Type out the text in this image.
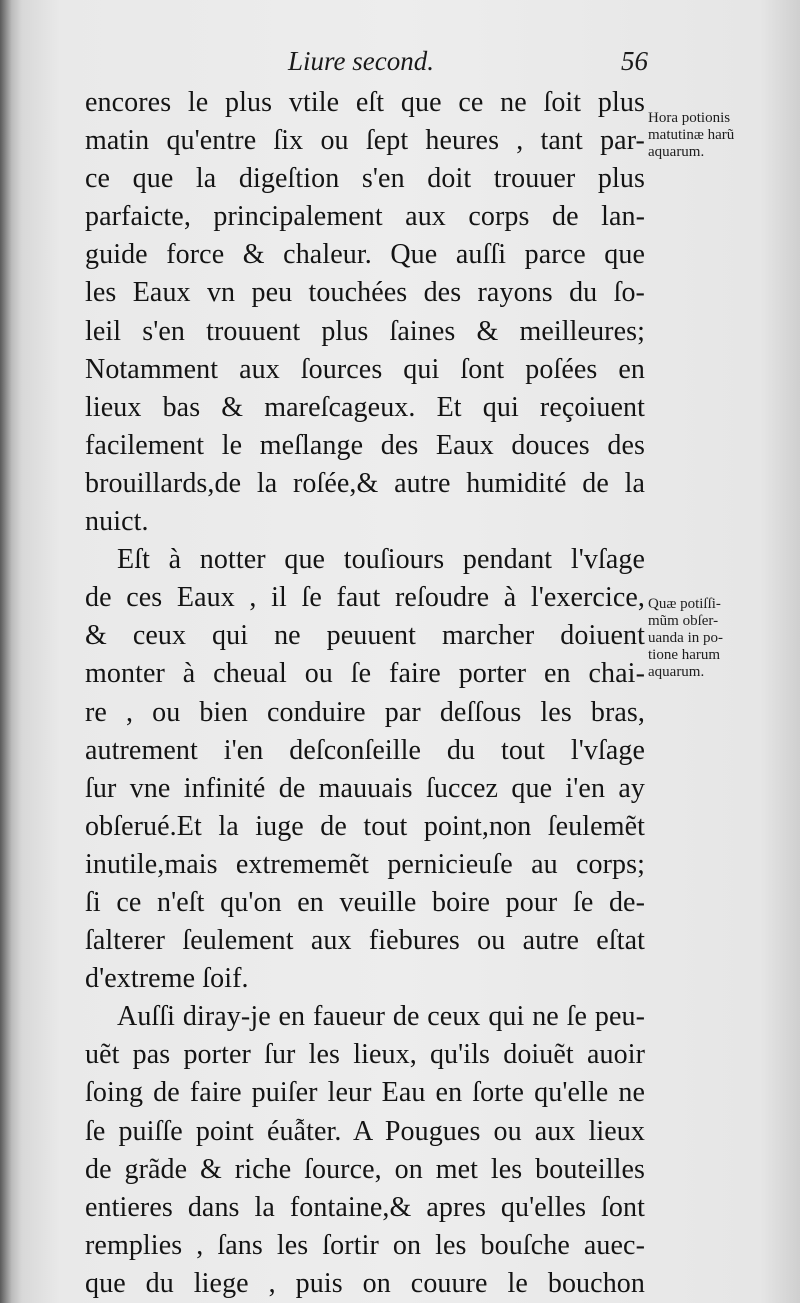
Liure second.	56
encores le plus vtile eſt que ce ne ſoit plus
matin qu'entre ſix ou ſept heures , tant par-
ce que la digeſtion s'en doit trouuer plus
parfaicte, principalement aux corps de lan-
guide force & chaleur. Que auſſi parce que
les Eaux vn peu touchées des rayons du ſo-
leil s'en trouuent plus ſaines & meilleures;
Notamment aux ſources qui ſont poſées en
lieux bas & mareſcageux. Et qui reçoiuent
facilement le meſlange des Eaux douces des
brouillards,de la roſée,& autre humidité de la
nuict.
Eſt à notter que touſiours pendant l'vſage
de ces Eaux , il ſe faut reſoudre à l'exercice,
& ceux qui ne peuuent marcher doiuent
monter à cheual ou ſe faire porter en chai-
re , ou bien conduire par deſſous les bras,
autrement i'en deſconſeille du tout l'vſage
ſur vne infinité de mauuais ſuccez que i'en ay
obſerué.Et la iuge de tout point,non ſeulemẽt
inutile,mais extrememẽt pernicieuſe au corps;
ſi ce n'eſt qu'on en veuille boire pour ſe de-
ſalterer ſeulement aux fiebures ou autre eſtat
d'extreme ſoif.
Auſſi diray-je en faueur de ceux qui ne ſe peu-
uẽt pas porter ſur les lieux, qu'ils doiuẽt auoir
ſoing de faire puiſer leur Eau en ſorte qu'elle ne
ſe puiſſe point éuẫter. A Pougues ou aux lieux
de grãde & riche ſource, on met les bouteilles
entieres dans la fontaine,& apres qu'elles ſont
remplies , ſans les ſortir on les bouſche auec-
que du liege , puis on couure le bouchon
Hora potionis
matutinæ harũ
aquarum.
Quæ potiſſi-
mũm obſer-
uanda in po-
tione harum
aquarum.
